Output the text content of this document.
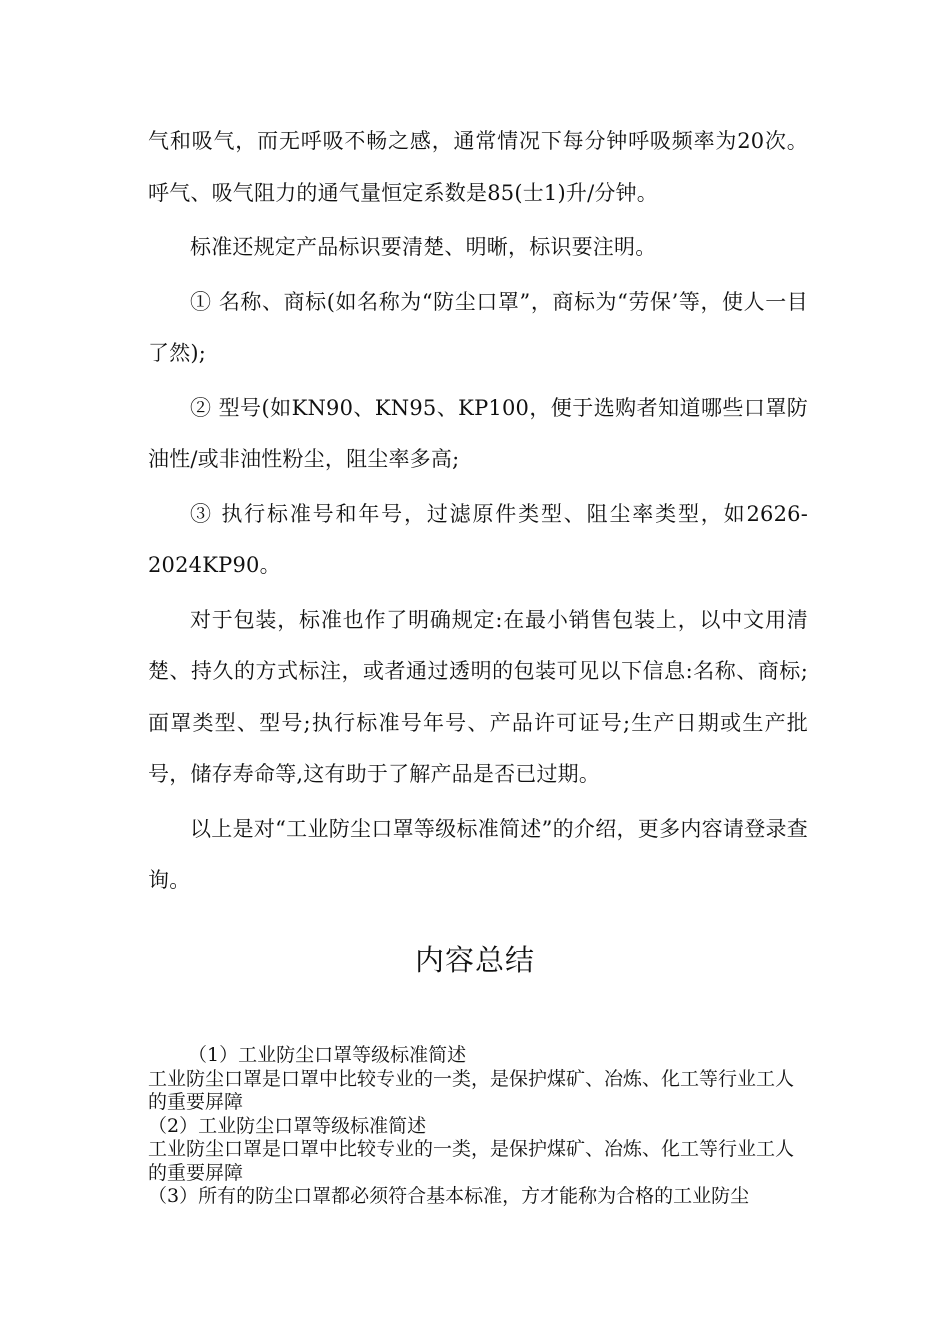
气和吸气，而无呼吸不畅之感，通常情况下每分钟呼吸频率为20次。呼气、吸气阻力的通气量恒定系数是85(士1)升/分钟。

标准还规定产品标识要清楚、明晰，标识要注明。

① 名称、商标(如名称为“防尘口罩”，商标为“劳保’等，使人一目了然);

② 型号(如KN90、KN95、KP100，便于选购者知道哪些口罩防油性/或非油性粉尘，阻尘率多高;

③ 执行标准号和年号，过滤原件类型、阻尘率类型，如2626-2024KP90。

对于包装，标准也作了明确规定:在最小销售包装上，以中文用清楚、持久的方式标注，或者通过透明的包装可见以下信息:名称、商标;面罩类型、型号;执行标准号年号、产品许可证号;生产日期或生产批号，储存寿命等,这有助于了解产品是否已过期。

以上是对“工业防尘口罩等级标准简述”的介绍，更多内容请登录查询。

内容总结

（1）工业防尘口罩等级标准简述

工业防尘口罩是口罩中比较专业的一类，是保护煤矿、冶炼、化工等行业工人的重要屏障

（2）工业防尘口罩等级标准简述

工业防尘口罩是口罩中比较专业的一类，是保护煤矿、冶炼、化工等行业工人的重要屏障

（3）所有的防尘口罩都必须符合基本标准，方才能称为合格的工业防尘
